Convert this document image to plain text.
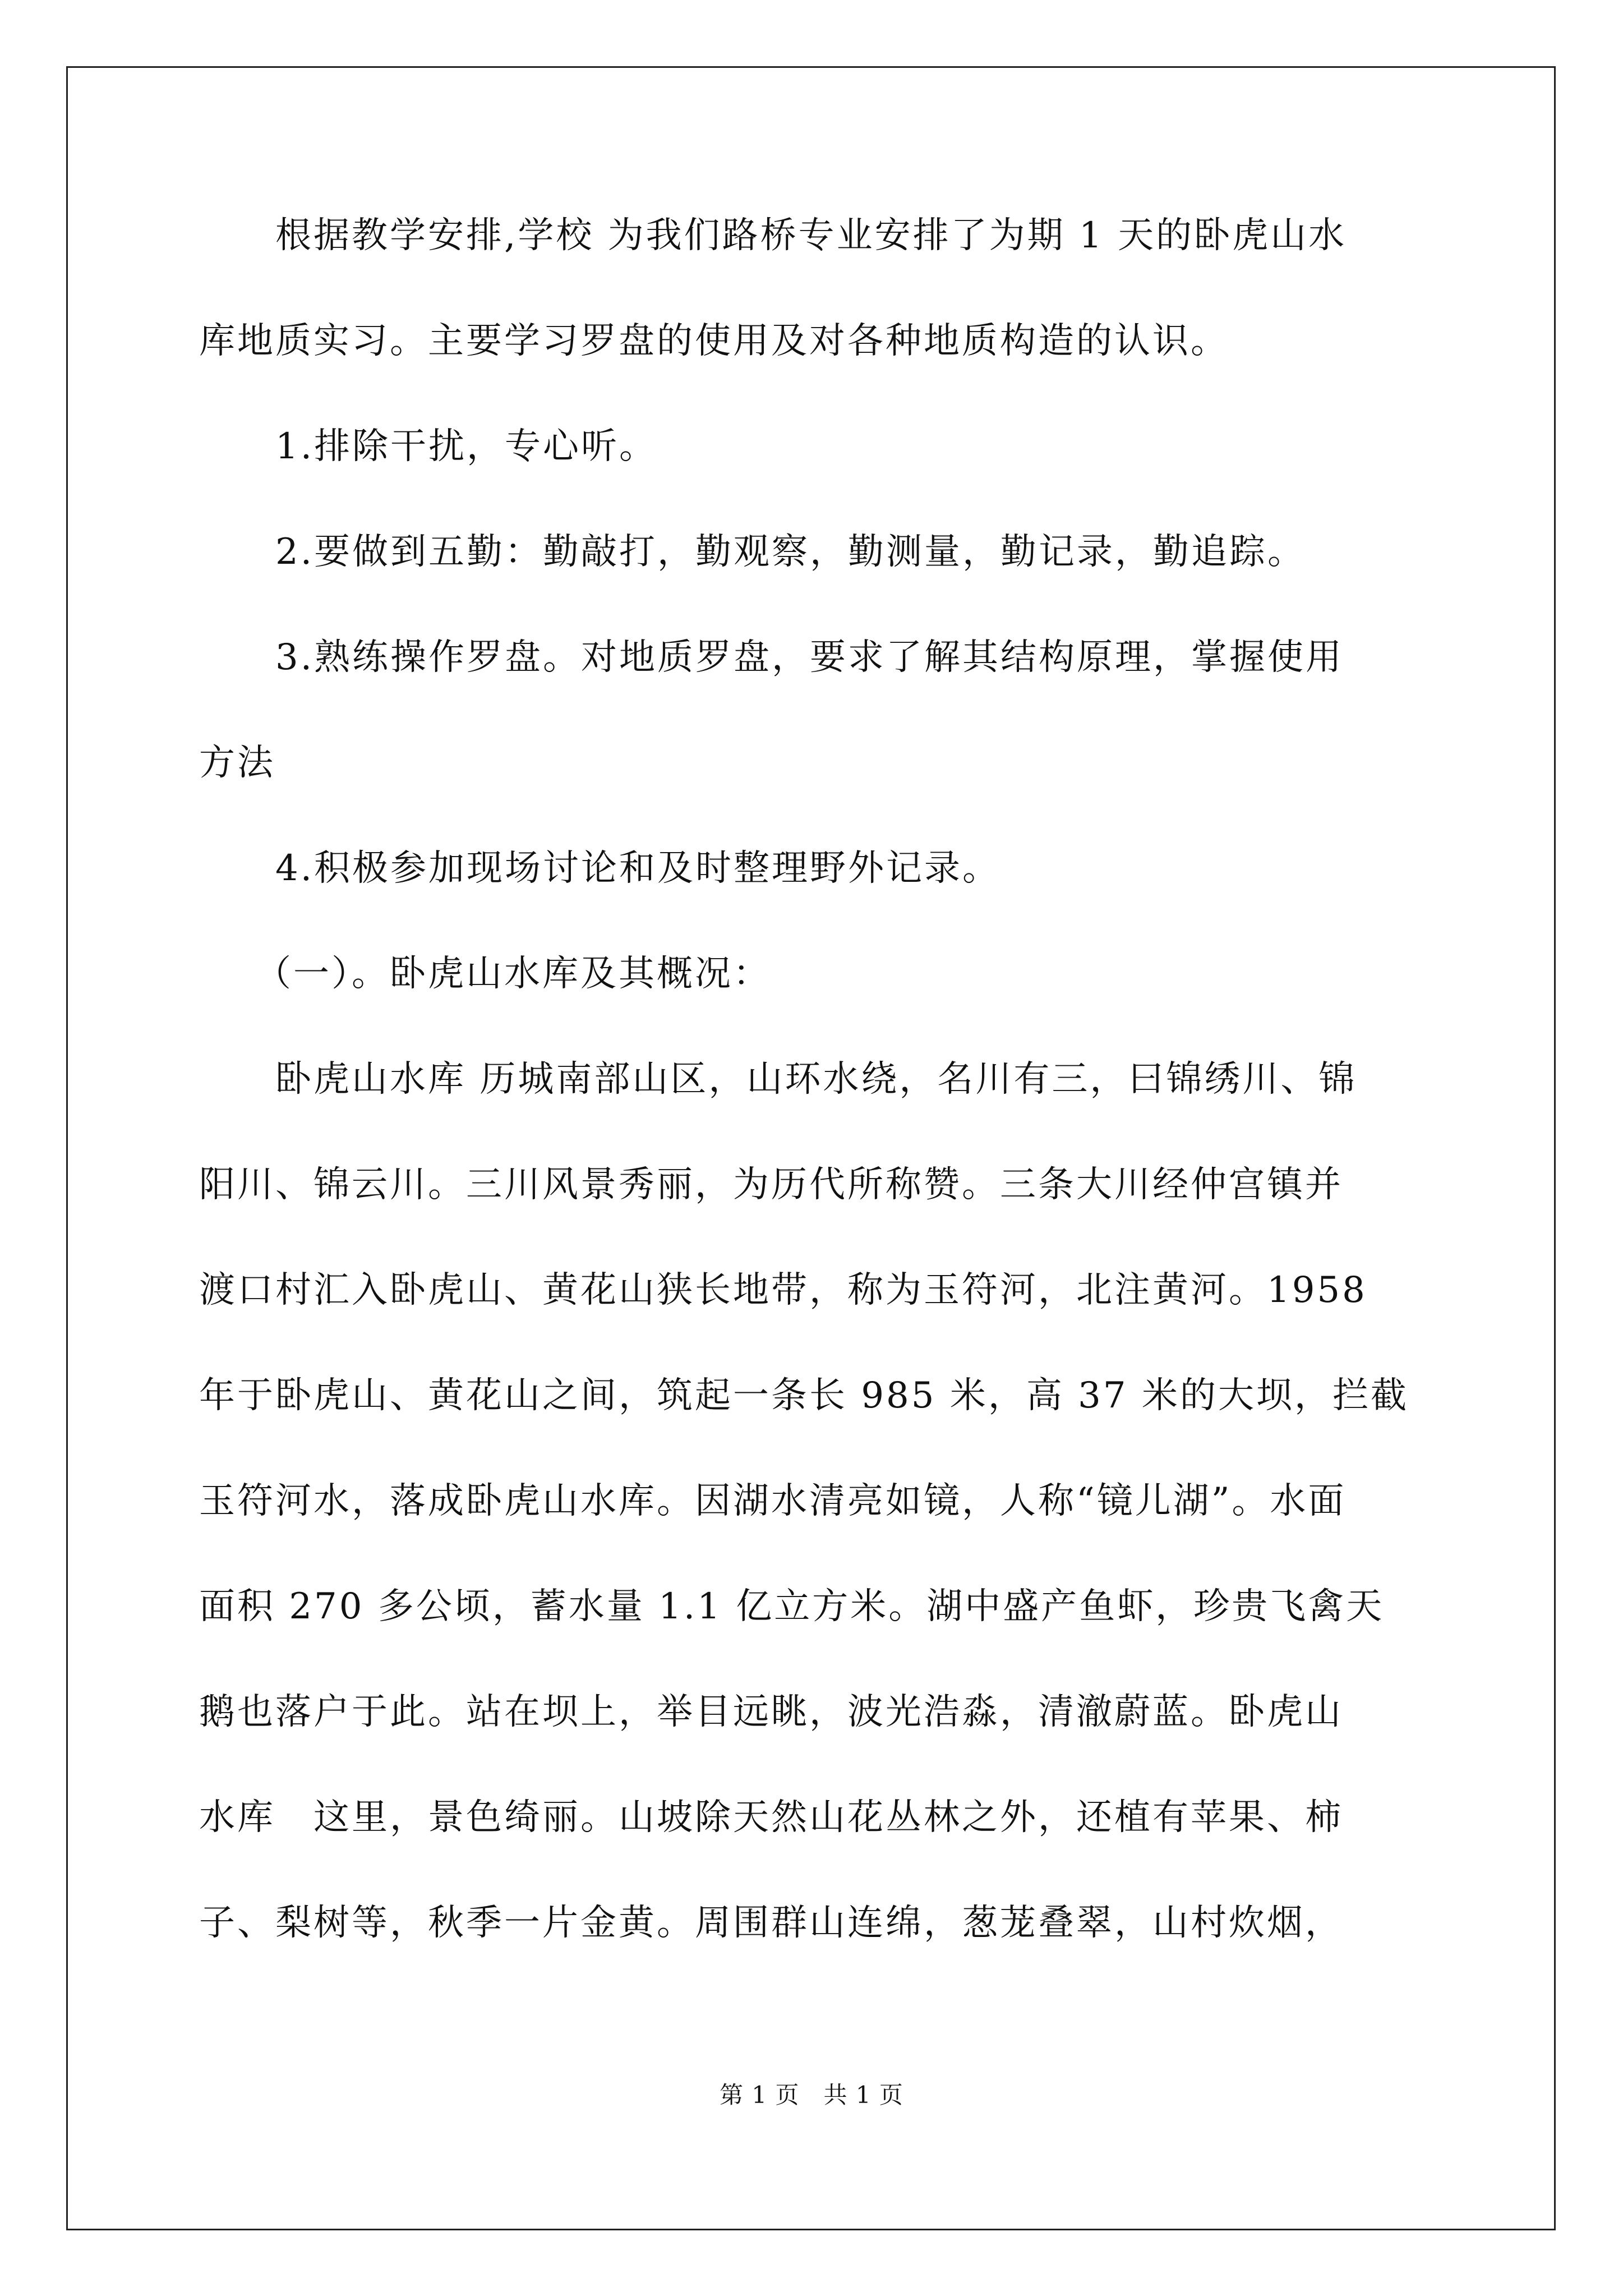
根据教学安排,学校 为我们路桥专业安排了为期 1 天的卧虎山水
库地质实习。主要学习罗盘的使用及对各种地质构造的认识。
1.排除干扰，专心听。
2.要做到五勤：勤敲打，勤观察，勤测量，勤记录，勤追踪。
3.熟练操作罗盘。对地质罗盘，要求了解其结构原理，掌握使用
方法
4.积极参加现场讨论和及时整理野外记录。
（一）。卧虎山水库及其概况：
卧虎山水库 历城南部山区，山环水绕，名川有三，曰锦绣川、锦
阳川、锦云川。三川风景秀丽，为历代所称赞。三条大川经仲宫镇并
渡口村汇入卧虎山、黄花山狭长地带，称为玉符河，北注黄河。1958
年于卧虎山、黄花山之间，筑起一条长 985 米，高 37 米的大坝，拦截
玉符河水，落成卧虎山水库。因湖水清亮如镜，人称“镜儿湖”。水面
面积 270 多公顷，蓄水量 1.1 亿立方米。湖中盛产鱼虾，珍贵飞禽天
鹅也落户于此。站在坝上，举目远眺，波光浩淼，清澈蔚蓝。卧虎山
水库　这里，景色绮丽。山坡除天然山花丛林之外，还植有苹果、柿
子、梨树等，秋季一片金黄。周围群山连绵，葱茏叠翠，山村炊烟，
第 1 页　共 1 页
